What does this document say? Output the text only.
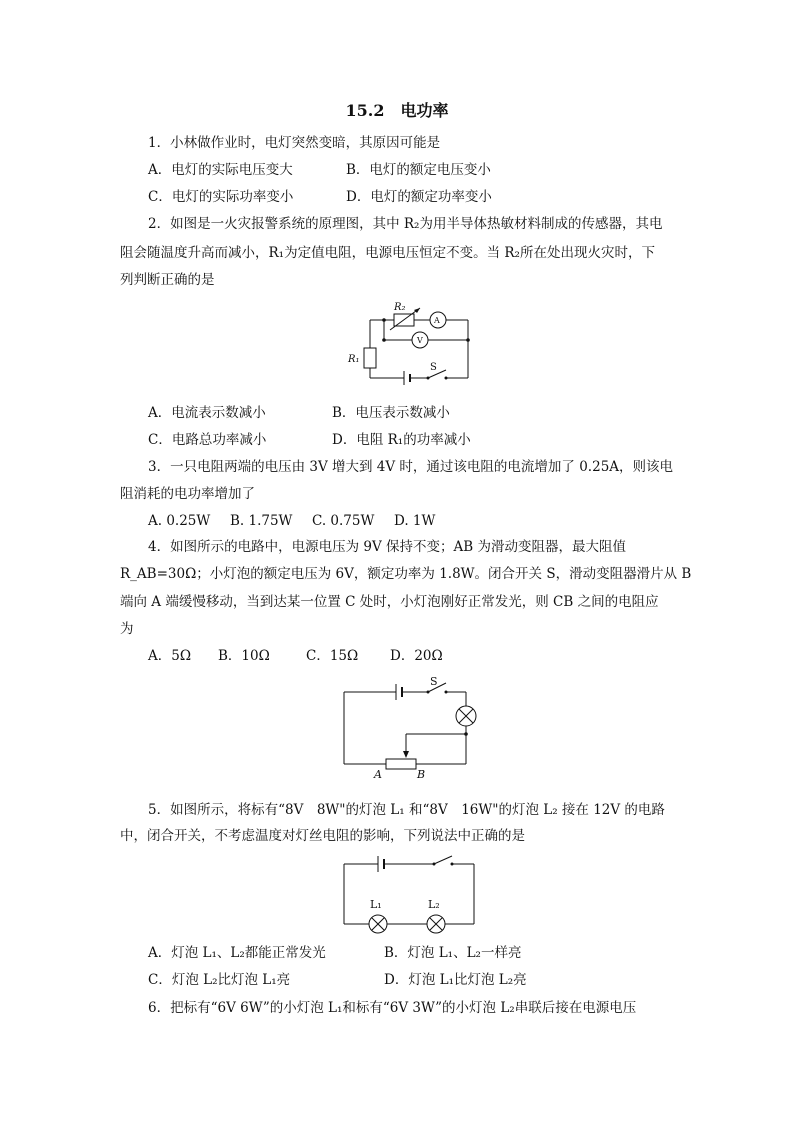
15.2　电功率
1．小林做作业时，电灯突然变暗，其原因可能是
A．电灯的实际电压变大	B．电灯的额定电压变小
C．电灯的实际功率变小	D．电灯的额定功率变小
2．如图是一火灾报警系统的原理图，其中 R₂为用半导体热敏材料制成的传感器，其电
阻会随温度升高而减小，R₁为定值电阻，电源电压恒定不变。当 R₂所在处出现火灾时，下
列判断正确的是
R₂
A
V
R₁
S
A．电流表示数减小	B．电压表示数减小
C．电路总功率减小	D．电阻 R₁的功率减小
3．一只电阻两端的电压由 3V 增大到 4V 时，通过该电阻的电流增加了 0.25A，则该电
阻消耗的电功率增加了
A. 0.25W B. 1.75W C. 0.75W D. 1W
4．如图所示的电路中，电源电压为 9V 保持不变；AB 为滑动变阻器，最大阻值
R_AB=30Ω；小灯泡的额定电压为 6V，额定功率为 1.8W。闭合开关 S，滑动变阻器滑片从 B
端向 A 端缓慢移动，当到达某一位置 C 处时，小灯泡刚好正常发光，则 CB 之间的电阻应
为
A．5Ω B．10Ω	C．15Ω D．20Ω
S
A	B
5．如图所示，将标有“8V　8W"的灯泡 L₁ 和“8V　16W"的灯泡 L₂ 接在 12V 的电路
中，闭合开关，不考虑温度对灯丝电阻的影响，下列说法中正确的是
L₁	L₂
A．灯泡 L₁、L₂都能正常发光	B．灯泡 L₁、L₂一样亮
C．灯泡 L₂比灯泡 L₁亮	D．灯泡 L₁比灯泡 L₂亮
6．把标有“6V 6W”的小灯泡 L₁和标有“6V 3W”的小灯泡 L₂串联后接在电源电压
